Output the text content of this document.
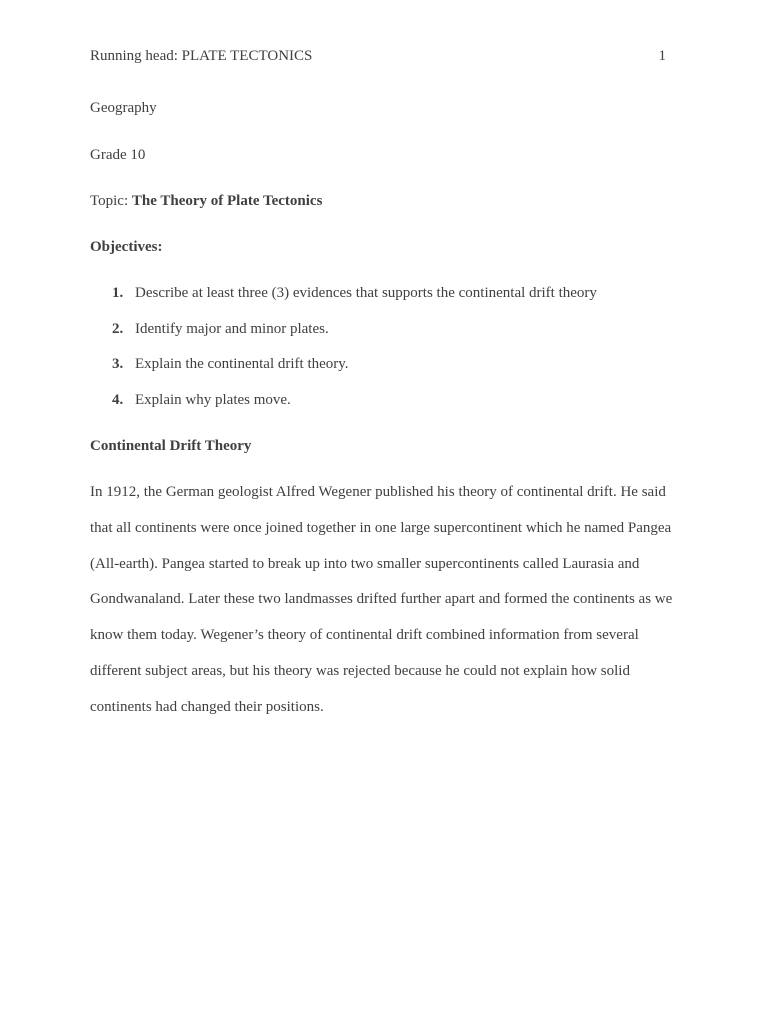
Running head: PLATE TECTONICS	1
Geography
Grade 10
Topic: The Theory of Plate Tectonics
Objectives:
1. Describe at least three (3) evidences that supports the continental drift theory
2. Identify major and minor plates.
3. Explain the continental drift theory.
4. Explain why plates move.
Continental Drift Theory
In 1912, the German geologist Alfred Wegener published his theory of continental drift. He said
that all continents were once joined together in one large supercontinent which he named Pangea
(All-earth). Pangea started to break up into two smaller supercontinents called Laurasia and
Gondwanaland. Later these two landmasses drifted further apart and formed the continents as we
know them today. Wegener’s theory of continental drift combined information from several
different subject areas, but his theory was rejected because he could not explain how solid
continents had changed their positions.
